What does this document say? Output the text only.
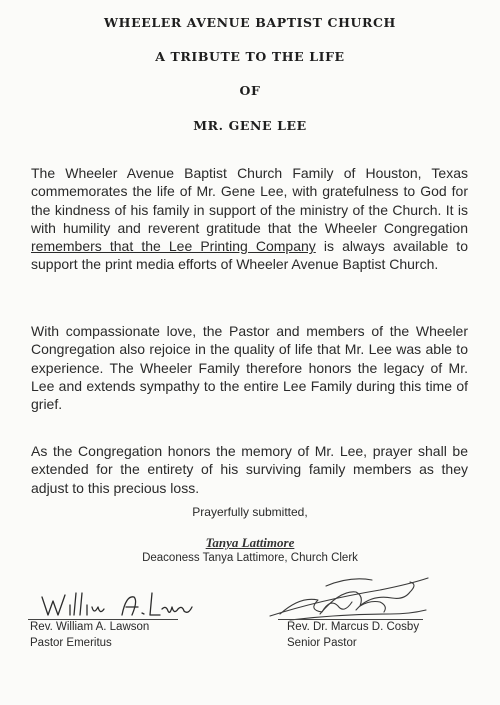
WHEELER AVENUE BAPTIST CHURCH
A TRIBUTE TO THE LIFE
OF
MR. GENE LEE

The Wheeler Avenue Baptist Church Family of Houston, Texas commemorates the life of Mr. Gene Lee, with gratefulness to God for the kindness of his family in support of the ministry of the Church. It is with humility and reverent gratitude that the Wheeler Congregation remembers that the Lee Printing Company is always available to support the print media efforts of Wheeler Avenue Baptist Church.

With compassionate love, the Pastor and members of the Wheeler Congregation also rejoice in the quality of life that Mr. Lee was able to experience. The Wheeler Family therefore honors the legacy of Mr. Lee and extends sympathy to the entire Lee Family during this time of grief.

As the Congregation honors the memory of Mr. Lee, prayer shall be extended for the entirety of his surviving family members as they adjust to this precious loss.

Prayerfully submitted,

Tanya Lattimore

Deaconess Tanya Lattimore, Church Clerk

Rev. William A. Lawson

Pastor Emeritus

Rev. Dr. Marcus D. Cosby

Senior Pastor
